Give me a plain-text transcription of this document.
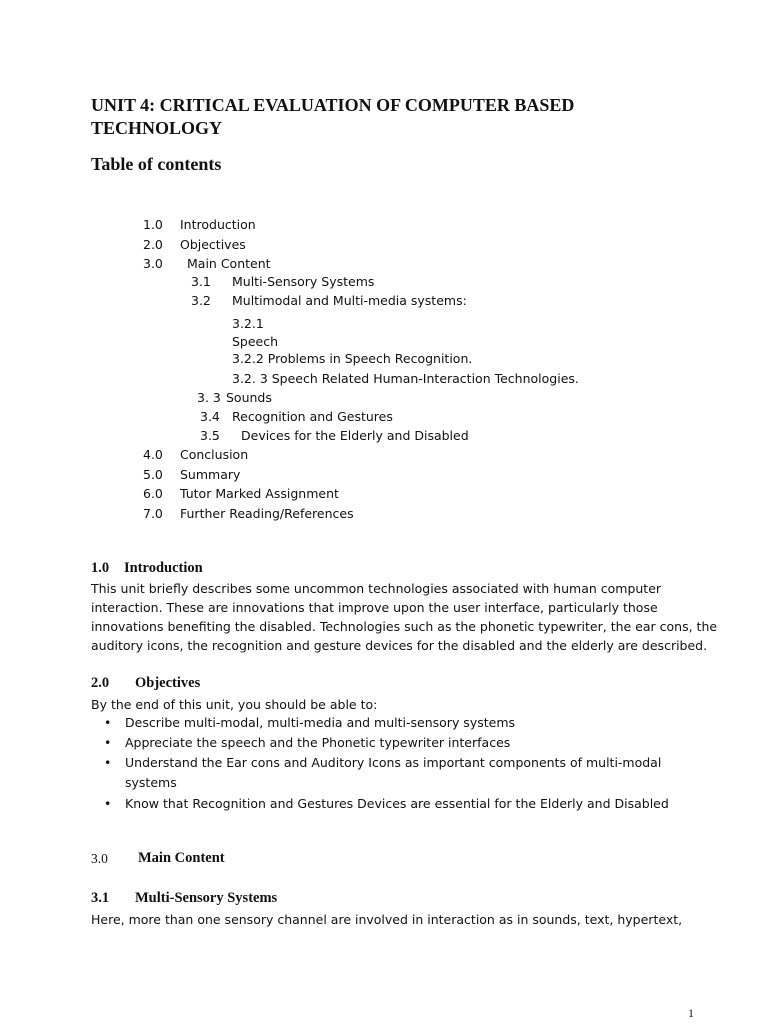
UNIT 4: CRITICAL EVALUATION OF COMPUTER BASED
TECHNOLOGY
Table of contents
1.0 Introduction
2.0 Objectives
3.0 Main Content
3.1 Multi-Sensory Systems
3.2 Multimodal and Multi-media systems:
3.2.1
Speech
3.2.2 Problems in Speech Recognition.
3.2. 3 Speech Related Human-Interaction Technologies.
3. 3 Sounds
3.4 Recognition and Gestures
3.5 Devices for the Elderly and Disabled
4.0 Conclusion
5.0 Summary
6.0 Tutor Marked Assignment
7.0 Further Reading/References
1.0 Introduction
This unit briefly describes some uncommon technologies associated with human computer
interaction. These are innovations that improve upon the user interface, particularly those
innovations benefiting the disabled. Technologies such as the phonetic typewriter, the ear cons, the
auditory icons, the recognition and gesture devices for the disabled and the elderly are described.
2.0 Objectives
By the end of this unit, you should be able to:
• Describe multi-modal, multi-media and multi-sensory systems
• Appreciate the speech and the Phonetic typewriter interfaces
• Understand the Ear cons and Auditory Icons as important components of multi-modal
systems
• Know that Recognition and Gestures Devices are essential for the Elderly and Disabled
3.0 Main Content
3.1 Multi-Sensory Systems
Here, more than one sensory channel are involved in interaction as in sounds, text, hypertext,
1
